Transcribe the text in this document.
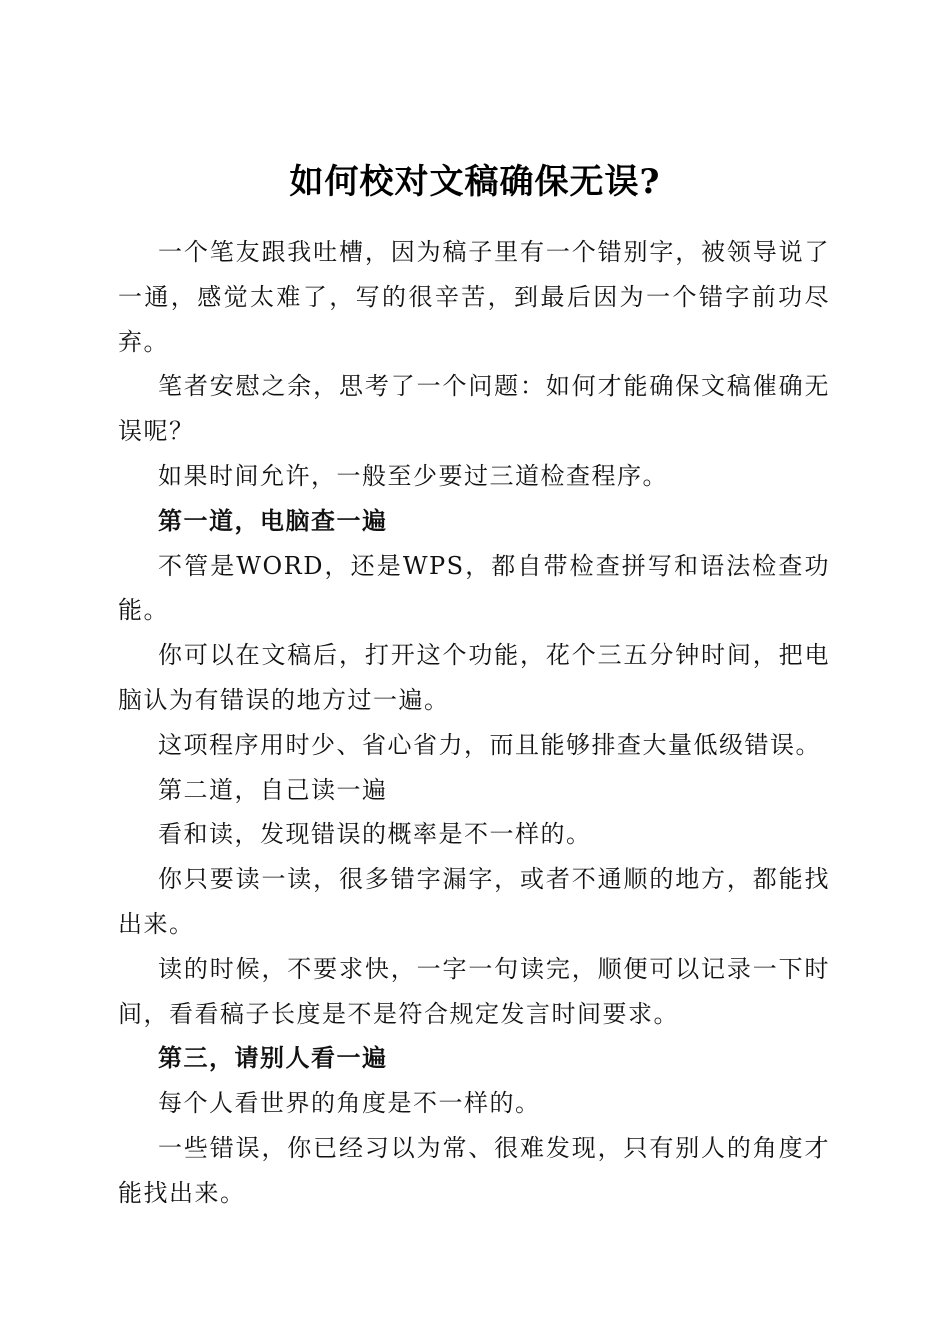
如何校对文稿确保无误?

一个笔友跟我吐槽，因为稿子里有一个错别字，被领导说了一通，感觉太难了，写的很辛苦，到最后因为一个错字前功尽弃。

笔者安慰之余，思考了一个问题：如何才能确保文稿催确无误呢？

如果时间允许，一般至少要过三道检查程序。

第一道，电脑查一遍

不管是WORD，还是WPS，都自带检查拼写和语法检查功能。

你可以在文稿后，打开这个功能，花个三五分钟时间，把电脑认为有错误的地方过一遍。

这项程序用时少、省心省力，而且能够排查大量低级错误。

第二道，自己读一遍

看和读，发现错误的概率是不一样的。

你只要读一读，很多错字漏字，或者不通顺的地方，都能找出来。

读的时候，不要求快，一字一句读完，顺便可以记录一下时间，看看稿子长度是不是符合规定发言时间要求。

第三，请别人看一遍

每个人看世界的角度是不一样的。

一些错误，你已经习以为常、很难发现，只有别人的角度才能找出来。
